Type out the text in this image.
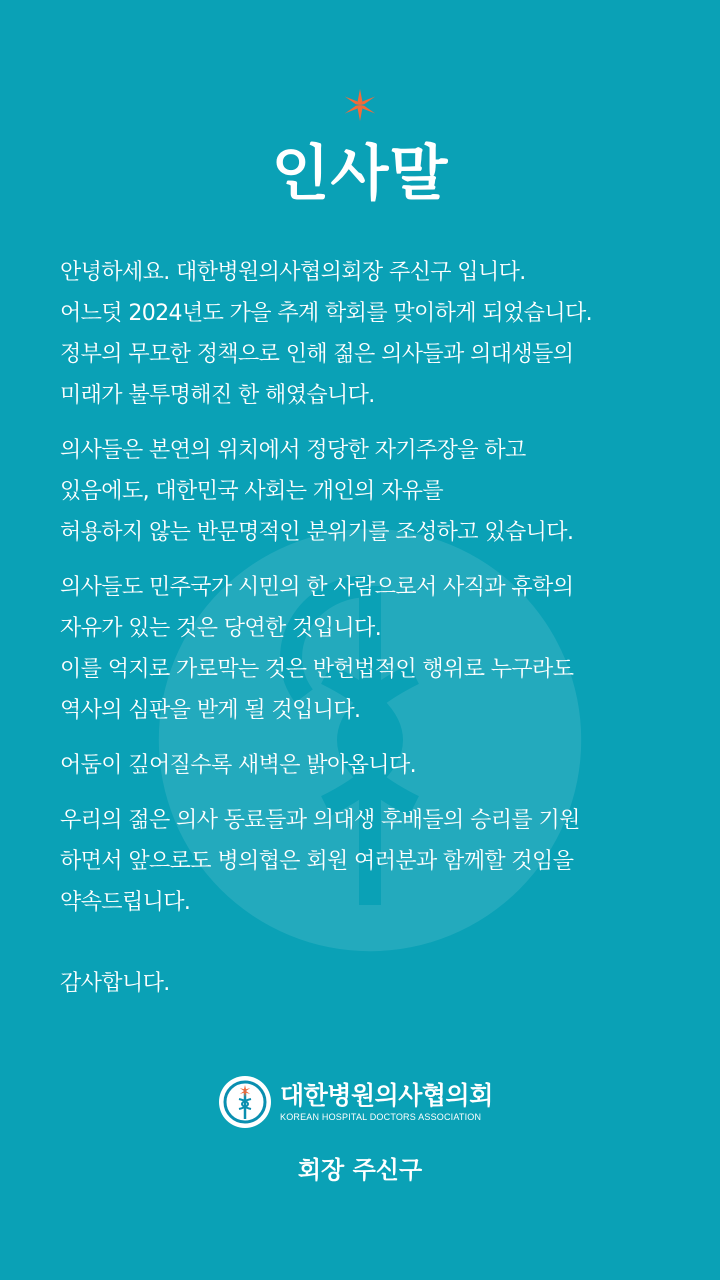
인사말

안녕하세요. 대한병원의사협의회장 주신구 입니다.
어느덧 2024년도 가을 추계 학회를 맞이하게 되었습니다.
정부의 무모한 정책으로 인해 젊은 의사들과 의대생들의
미래가 불투명해진 한 해였습니다.

의사들은 본연의 위치에서 정당한 자기주장을 하고
있음에도, 대한민국 사회는 개인의 자유를
허용하지 않는 반문명적인 분위기를 조성하고 있습니다.

의사들도 민주국가 시민의 한 사람으로서 사직과 휴학의
자유가 있는 것은 당연한 것입니다.
이를 억지로 가로막는 것은 반헌법적인 행위로 누구라도
역사의 심판을 받게 될 것입니다.

어둠이 깊어질수록 새벽은 밝아옵니다.

우리의 젊은 의사 동료들과 의대생 후배들의 승리를 기원
하면서 앞으로도 병의협은 회원 여러분과 함께할 것임을
약속드립니다.

감사합니다.

대한병원의사협의회
KOREAN HOSPITAL DOCTORS ASSOCIATION
회장 주신구
